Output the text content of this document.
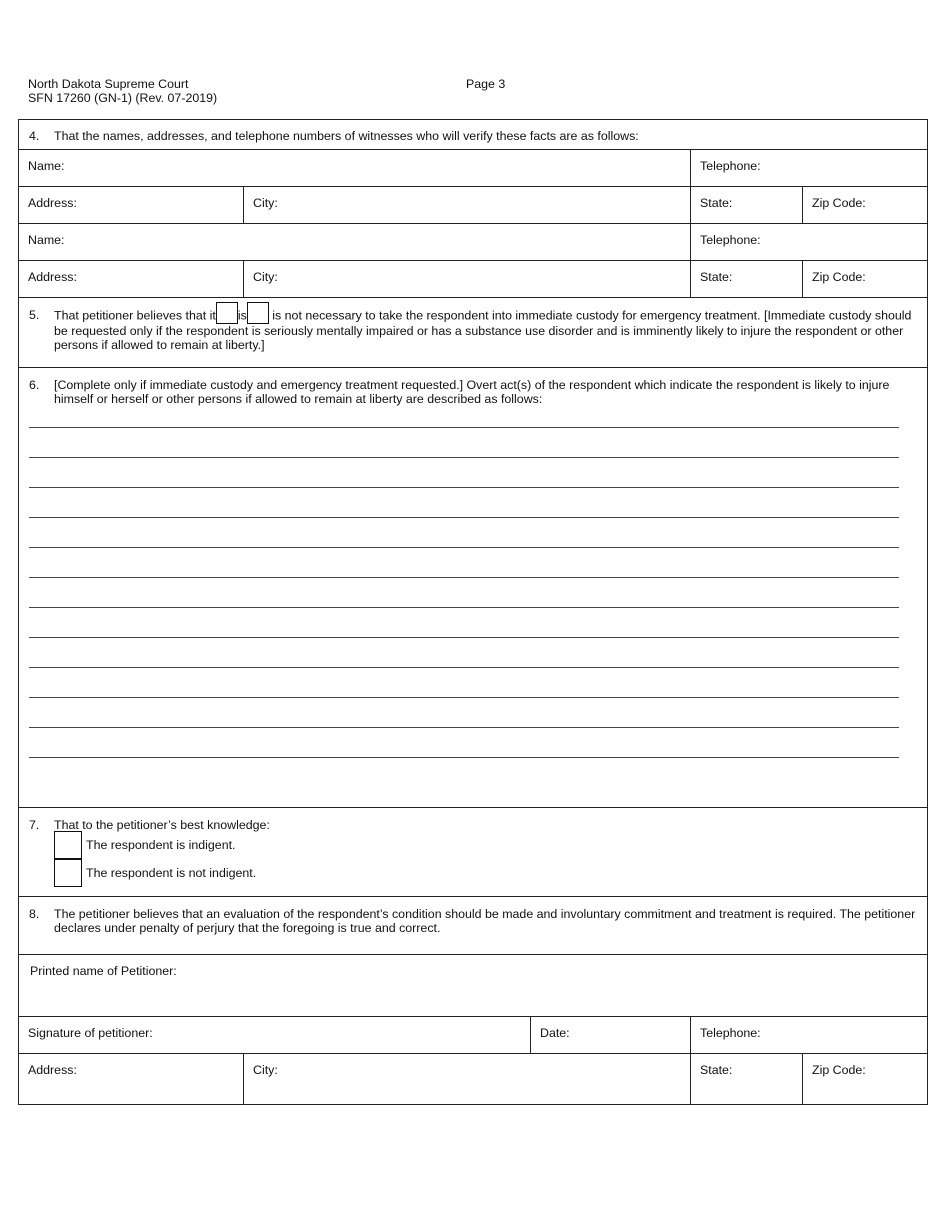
North Dakota Supreme Court
SFN 17260 (GN-1) (Rev. 07-2019)
Page 3
4. That the names, addresses, and telephone numbers of witnesses who will verify these facts are as follows:
Name:	Telephone:
Address:	City:	State:	Zip Code:
Name:	Telephone:
Address:	City:	State:	Zip Code:
5. That petitioner believes that it is is not necessary to take the respondent into immediate custody for emergency treatment. [Immediate custody should be requested only if the respondent is seriously mentally impaired or has a substance use disorder and is imminently likely to injure the respondent or other persons if allowed to remain at liberty.]
6. [Complete only if immediate custody and emergency treatment requested.] Overt act(s) of the respondent which indicate the respondent is likely to injure himself or herself or other persons if allowed to remain at liberty are described as follows:
7. That to the petitioner’s best knowledge:
The respondent is indigent.
The respondent is not indigent.
8. The petitioner believes that an evaluation of the respondent’s condition should be made and involuntary commitment and treatment is required. The petitioner declares under penalty of perjury that the foregoing is true and correct.
Printed name of Petitioner:
Signature of petitioner:	Date:	Telephone:
Address:	City:	State:	Zip Code:
